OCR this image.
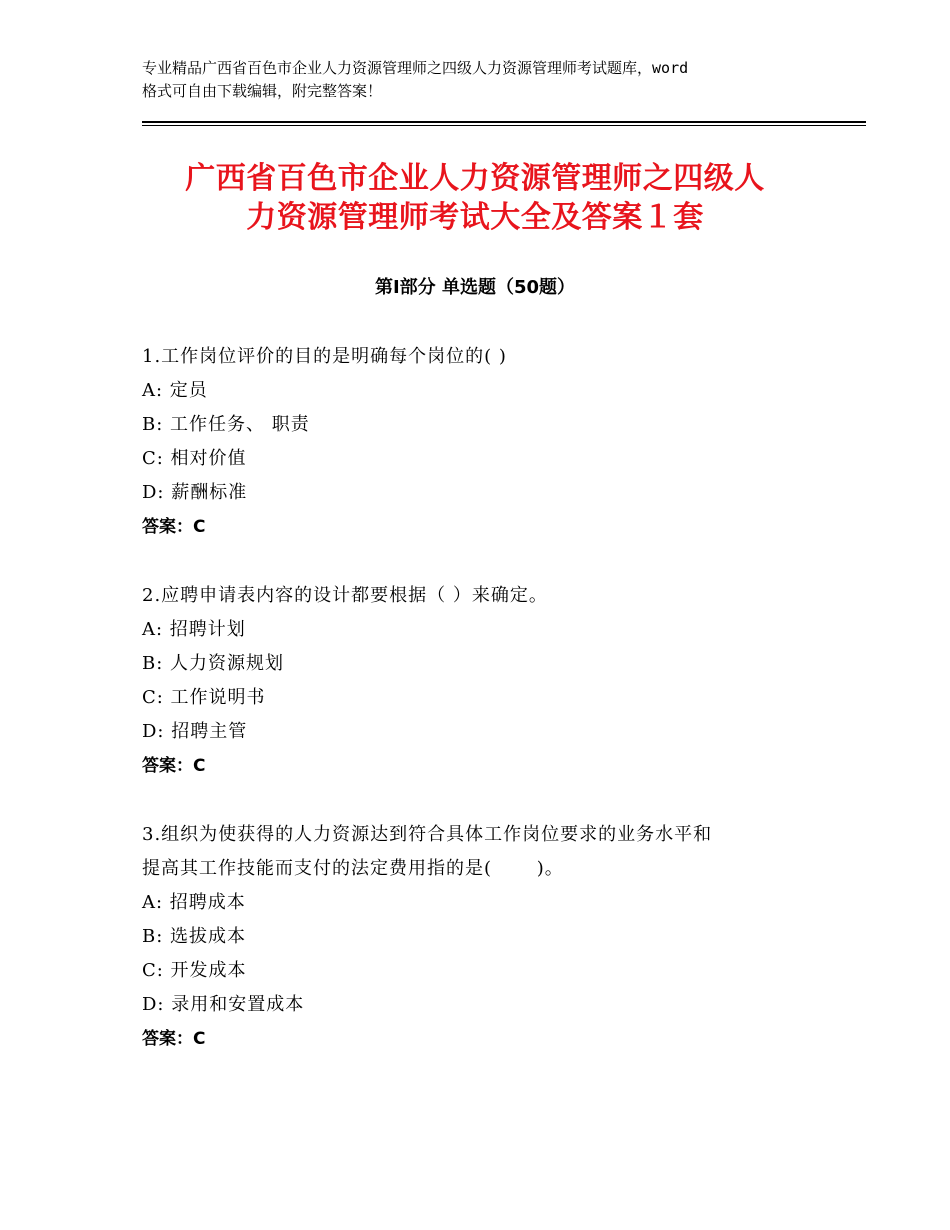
专业精品广西省百色市企业人力资源管理师之四级人力资源管理师考试题库，word
格式可自由下载编辑，附完整答案！
广西省百色市企业人力资源管理师之四级人
力资源管理师考试大全及答案１套
第Ⅰ部分 单选题（50题）

1.工作岗位评价的目的是明确每个岗位的( )

A: 定员

B: 工作任务、 职责

C: 相对价值

D: 薪酬标准

答案：C

2.应聘申请表内容的设计都要根据（ ）来确定。

A: 招聘计划

B: 人力资源规划

C: 工作说明书

D: 招聘主管

答案：C

3.组织为使获得的人力资源达到符合具体工作岗位要求的业务水平和

提高其工作技能而支付的法定费用指的是(　　 )。

A: 招聘成本

B: 选拔成本

C: 开发成本

D: 录用和安置成本

答案：C
